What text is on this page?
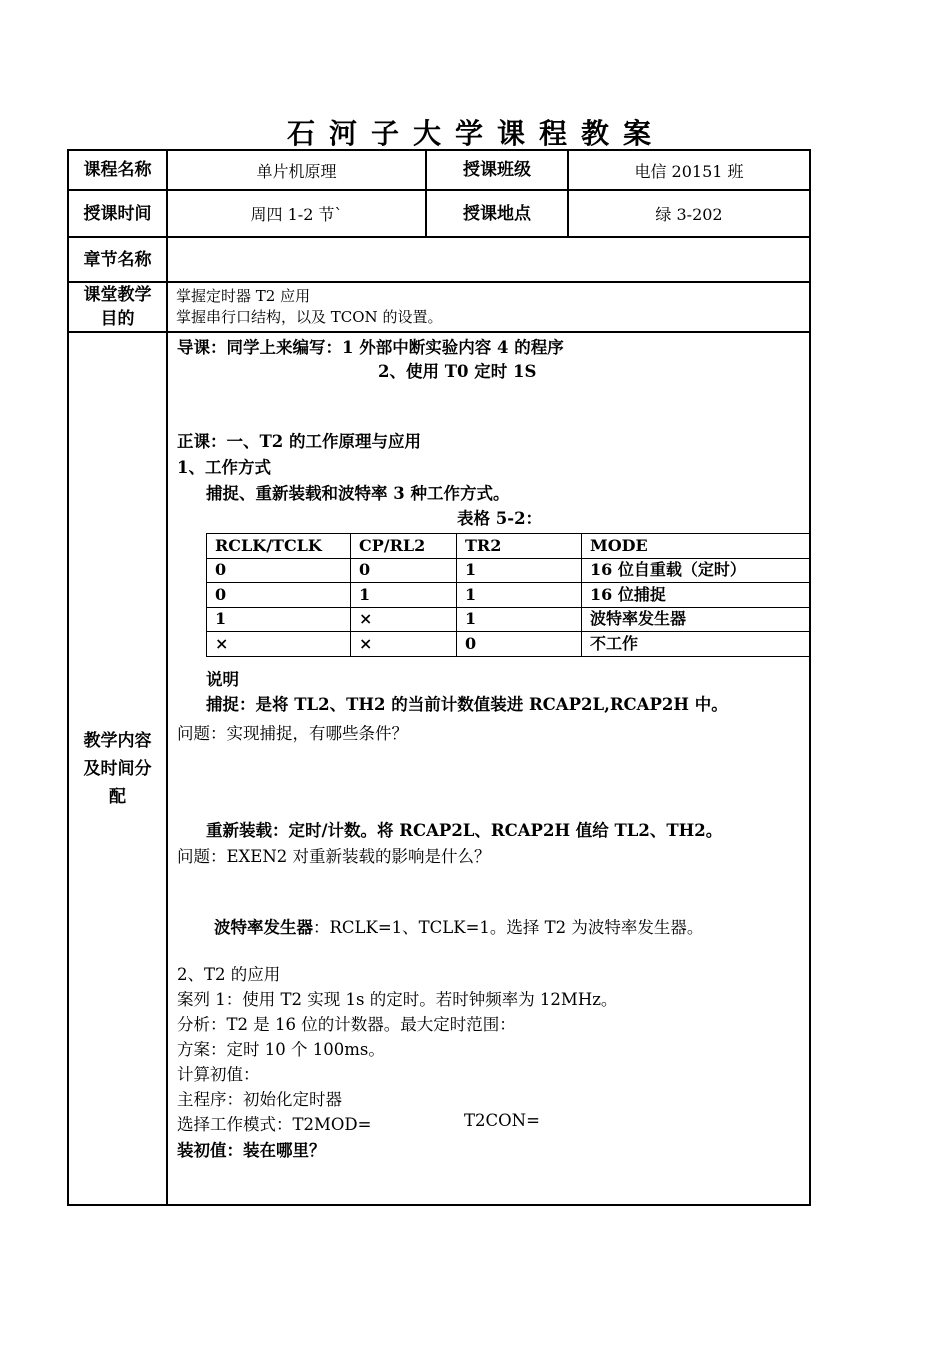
石河子大学课程教案
课程名称	单片机原理	授课班级	电信 20151 班
授课时间	周四 1-2 节`	授课地点	绿 3-202
章节名称	

课堂教学
目的

掌握定时器 T2 应用
掌握串行口结构，以及 TCON 的设置。

教学内容
及时间分
配

导课：同学上来编写：1 外部中断实验内容 4 的程序
2、使用 T0 定时 1S
正课：一、T2 的工作原理与应用
1、工作方式
捕捉、重新装载和波特率 3 种工作方式。
表格 5-2：
RCLK/TCLK	CP/RL2	TR2	MODE
0	0	1	16 位自重载（定时）
0	1	1	16 位捕捉
1	×	1	波特率发生器
×	×	0	不工作
说明
捕捉：是将 TL2、TH2 的当前计数值装进 RCAP2L,RCAP2H 中。
问题：实现捕捉，有哪些条件？
重新装载：定时/计数。将 RCAP2L、RCAP2H 值给 TL2、TH2。
问题：EXEN2 对重新装载的影响是什么？
波特率发生器：RCLK=1、TCLK=1。选择 T2 为波特率发生器。
2、T2 的应用
案列 1：使用 T2 实现 1s 的定时。若时钟频率为 12MHz。
分析：T2 是 16 位的计数器。最大定时范围：
方案：定时 10 个 100ms。
计算初值：
主程序：初始化定时器
选择工作模式：T2MOD=	T2CON=
装初值：装在哪里？
